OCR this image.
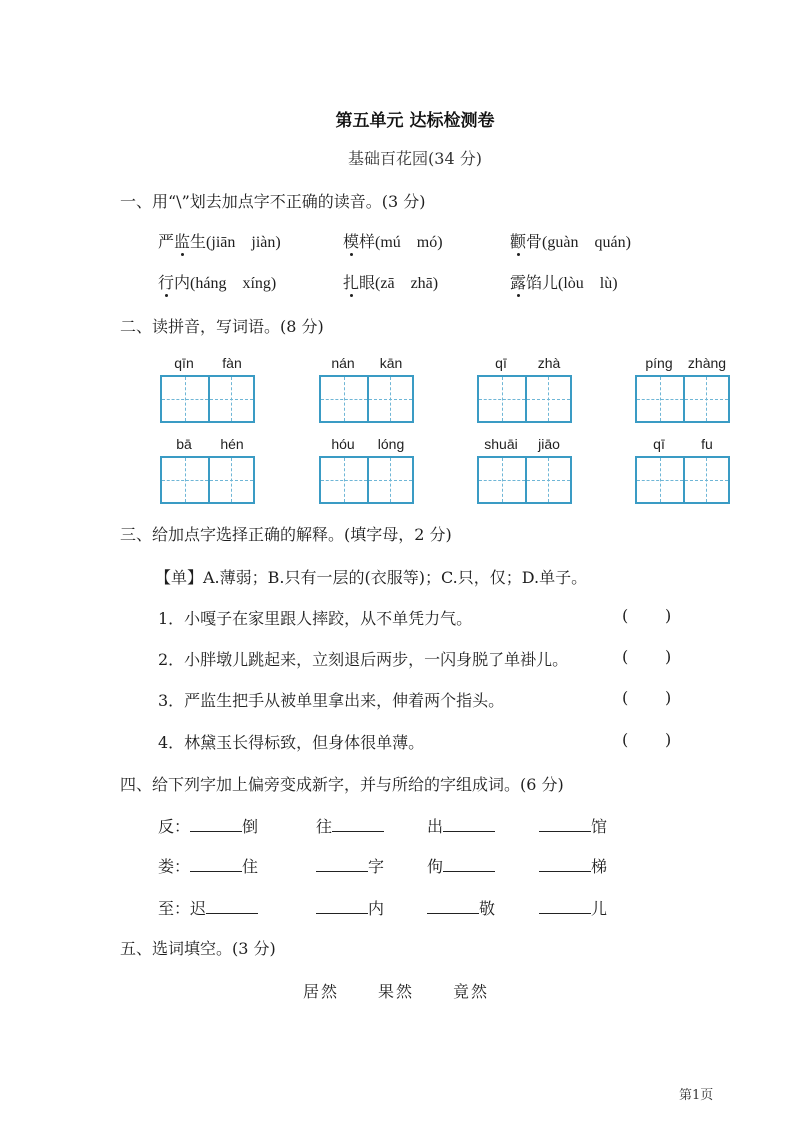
第五单元 达标检测卷
基础百花园(34 分)
一、用“\”划去加点字不正确的读音。(3 分)
严监生(jiān　jiàn)	模样(mú　mó)	颧骨(guàn　quán)
行内(háng　xíng)	扎眼(zā　zhā)	露馅儿(lòu　lù)
二、读拼音，写词语。(8 分)
qīn	fàn	nán	kān	qī	zhà	píng	zhàng
bā	hén	hóu	lóng	shuāi	jiāo	qī	fu
三、给加点字选择正确的解释。(填字母，2 分)
【单】A.薄弱；B.只有一层的(衣服等)；C.只，仅；D.单子。
1．小嘎子在家里跟人摔跤，从不单凭力气。
2．小胖墩儿跳起来，立刻退后两步，一闪身脱了单褂儿。
3．严监生把手从被单里拿出来，伸着两个指头。
4．林黛玉长得标致，但身体很单薄。
( )
( )
( )
( )
四、给下列字加上偏旁变成新字，并与所给的字组成词。(6 分)
反：	倒	往	出	馆
娄：	住	字	佝	梯
至：迟	内	敬	儿
五、选词填空。(3 分)
居然 果然 竟然
第1页
